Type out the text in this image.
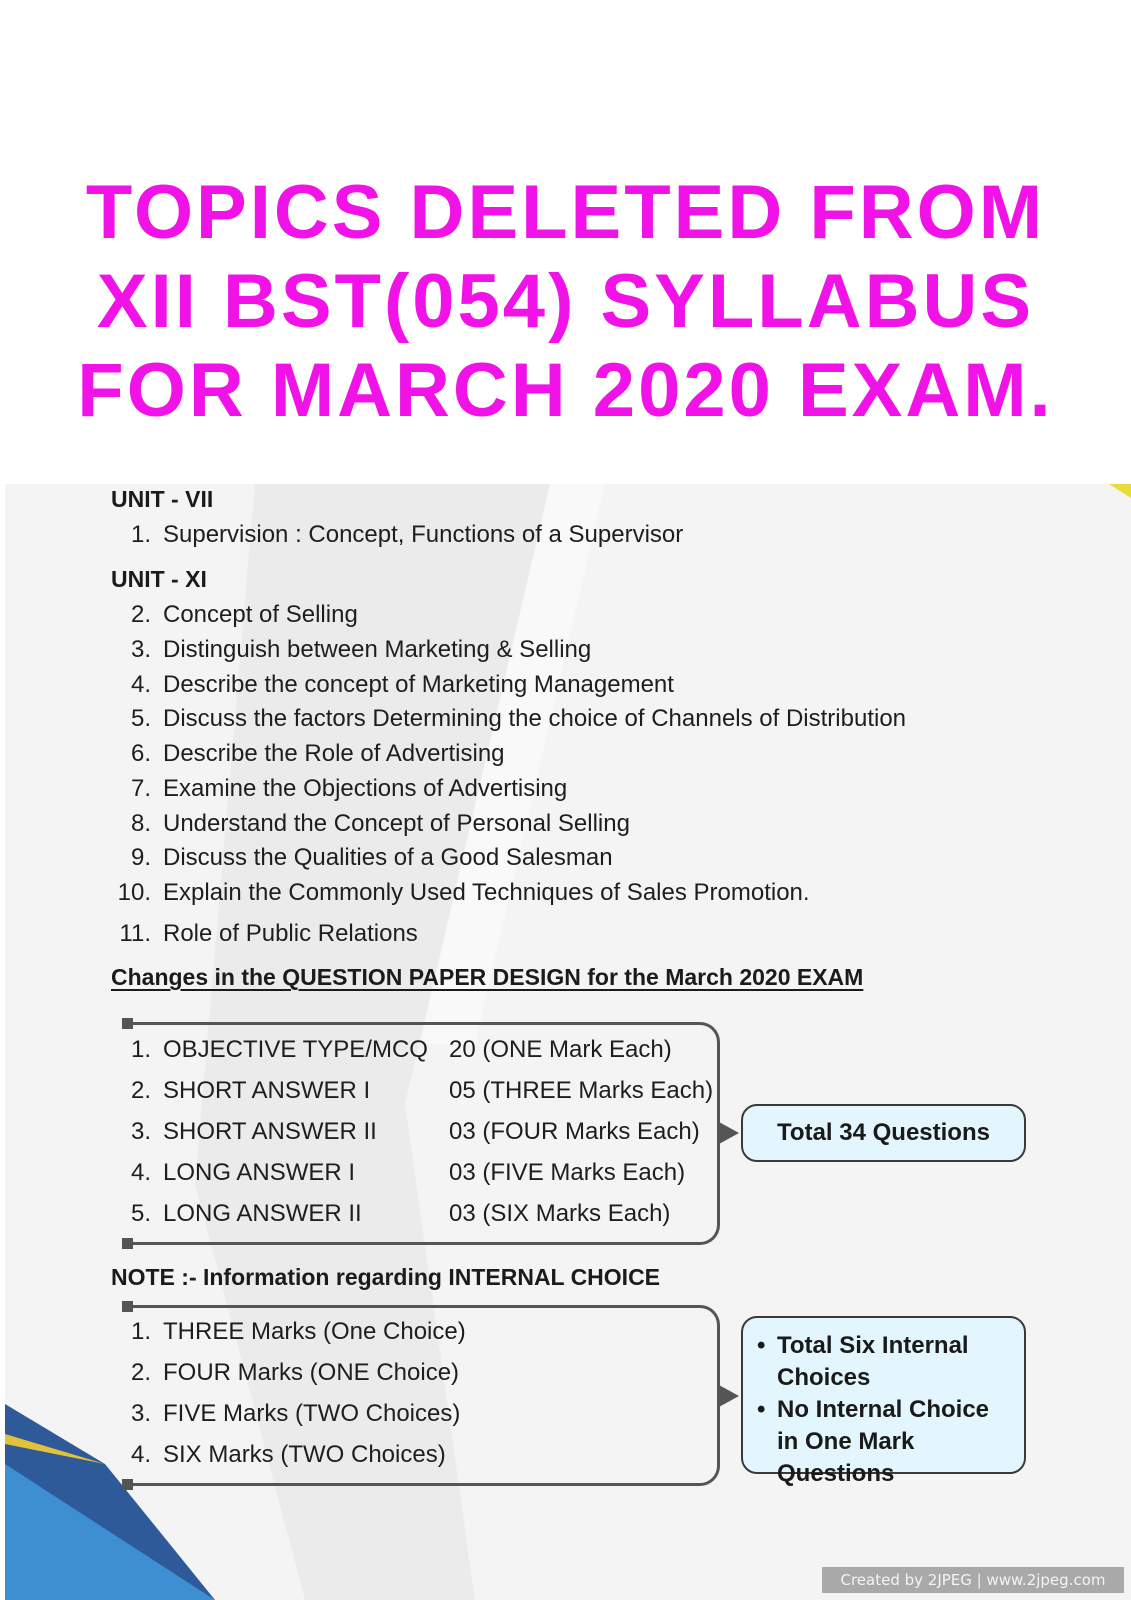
TOPICS DELETED FROM
XII BST(054) SYLLABUS
FOR MARCH 2020 EXAM.
UNIT - VII
1. Supervision : Concept, Functions of a Supervisor
UNIT - XI
2. Concept of Selling
3. Distinguish between Marketing & Selling
4. Describe the concept of Marketing Management
5. Discuss the factors Determining the choice of Channels of Distribution
6. Describe the Role of Advertising
7. Examine the Objections of Advertising
8. Understand the Concept of Personal Selling
9. Discuss the Qualities of a Good Salesman
10. Explain the Commonly Used Techniques of Sales Promotion.
11. Role of Public Relations
Changes in the QUESTION PAPER DESIGN for the March 2020 EXAM
1. OBJECTIVE TYPE/MCQ 20 (ONE Mark Each)
2. SHORT ANSWER I	05 (THREE Marks Each)
3. SHORT ANSWER II	03 (FOUR Marks Each)
4. LONG ANSWER I	03 (FIVE Marks Each)
5. LONG ANSWER II	03 (SIX Marks Each)
Total 34 Questions
NOTE :- Information regarding INTERNAL CHOICE
1. THREE Marks (One Choice)
2. FOUR Marks (ONE Choice)
3. FIVE Marks (TWO Choices)
4. SIX Marks (TWO Choices)
• Total Six Internal Choices
• No Internal Choice in One Mark Questions
Created by 2JPEG | www.2jpeg.com
